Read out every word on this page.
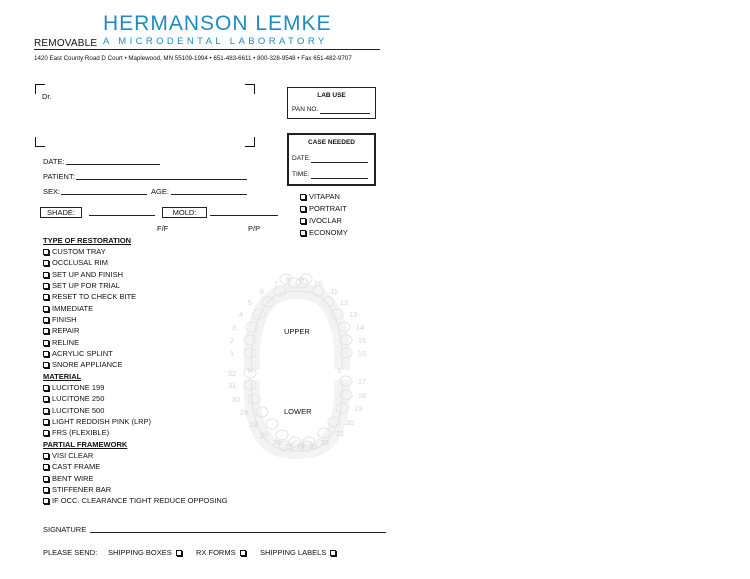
HERMANSON LEMKE
A MICRODENTAL LABORATORY
REMOVABLE
1420 East County Road D Court • Maplewood, MN 55109-1994 • 651-483-6611 • 800-328-9548 • Fax 651-482-9707
Dr.	LAB USE
PAN NO.
CASE NEEDED
DATE:
TIME:
DATE:
PATIENT:
SEX:	AGE:
SHADE:	MOLD:
F/F	P/P
VITAPAN
PORTRAIT
IVOCLAR
ECONOMY
TYPE OF RESTORATION
CUSTOM TRAY
OCCLUSAL RIM
SET UP AND FINISH
SET UP FOR TRIAL
RESET TO CHECK BITE
IMMEDIATE
FINISH
REPAIR
RELINE
ACRYLIC SPLINT
SNORE APPLIANCE
MATERIAL
LUCITONE 199
LUCITONE 250
LUCITONE 500
LIGHT REDDISH PINK (LRP)
FRS (FLEXIBLE)
PARTIAL FRAMEWORK
VISI CLEAR
CAST FRAME
BENT WIRE
STIFFENER BAR
IF OCC. CLEARANCE TIGHT REDUCE OPPOSING
R	L
1
2
3
4
5
6
7 8 9 10
11
12
13
14
15
16
17
18
19
20
21
22
23
24
25
26
27
28
29
30
31
32
UPPER
LOWER
SIGNATURE
PLEASE SEND: SHIPPING BOXES	RX FORMS	SHIPPING LABELS
